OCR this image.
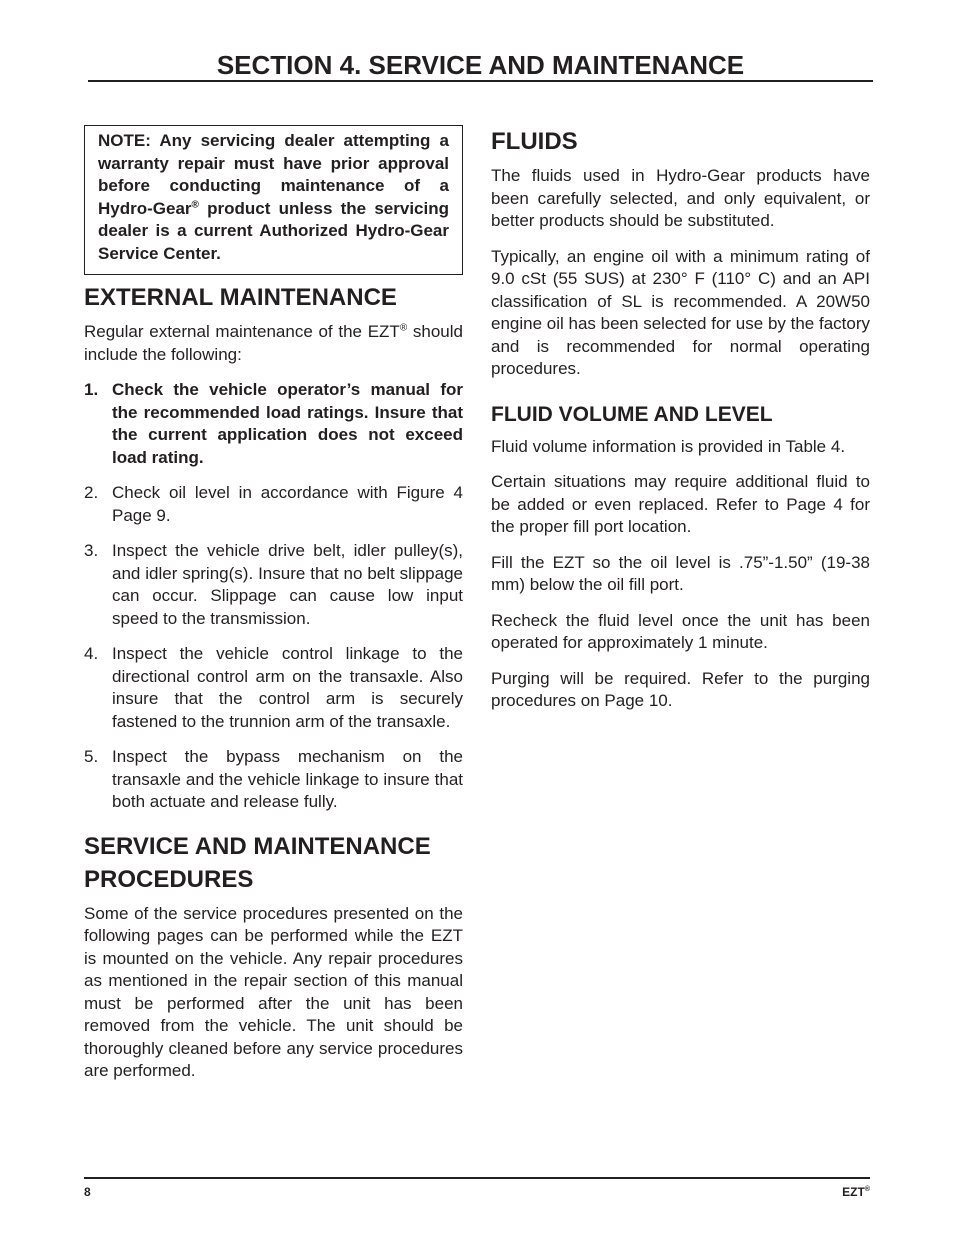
SECTION 4. SERVICE AND MAINTENANCE
NOTE: Any servicing dealer attempting a warranty repair must have prior approval before conducting maintenance of a Hydro-Gear® product unless the servicing dealer is a current Authorized Hydro-Gear Service Center.
EXTERNAL MAINTENANCE

Regular external maintenance of the EZT® should include the following:

1. Check the vehicle operator’s manual for the recommended load ratings. Insure that the current application does not exceed load rating.
2. Check oil level in accordance with Figure 4 Page 9.
3. Inspect the vehicle drive belt, idler pulley(s), and idler spring(s). Insure that no belt slippage can occur. Slippage can cause low input speed to the transmission.
4. Inspect the vehicle control linkage to the directional control arm on the transaxle. Also insure that the control arm is securely fastened to the trunnion arm of the transaxle.
5. Inspect the bypass mechanism on the transaxle and the vehicle linkage to insure that both actuate and release fully.
SERVICE AND MAINTENANCE PROCEDURES

Some of the service procedures presented on the following pages can be performed while the EZT is mounted on the vehicle. Any repair procedures as mentioned in the repair section of this manual must be performed after the unit has been removed from the vehicle. The unit should be thoroughly cleaned before any service procedures are performed.

FLUIDS

The fluids used in Hydro-Gear products have been carefully selected, and only equivalent, or better products should be substituted.

Typically, an engine oil with a minimum rating of 9.0 cSt (55 SUS) at 230° F (110° C) and an API classification of SL is recommended. A 20W50 engine oil has been selected for use by the factory and is recommended for normal operating procedures.

FLUID VOLUME AND LEVEL

Fluid volume information is provided in Table 4.

Certain situations may require additional fluid to be added or even replaced. Refer to Page 4 for the proper fill port location.

Fill the EZT so the oil level is .75”-1.50” (19-38 mm) below the oil fill port.

Recheck the fluid level once the unit has been operated for approximately 1 minute.

Purging will be required. Refer to the purging procedures on Page 10.

8	EZT®
